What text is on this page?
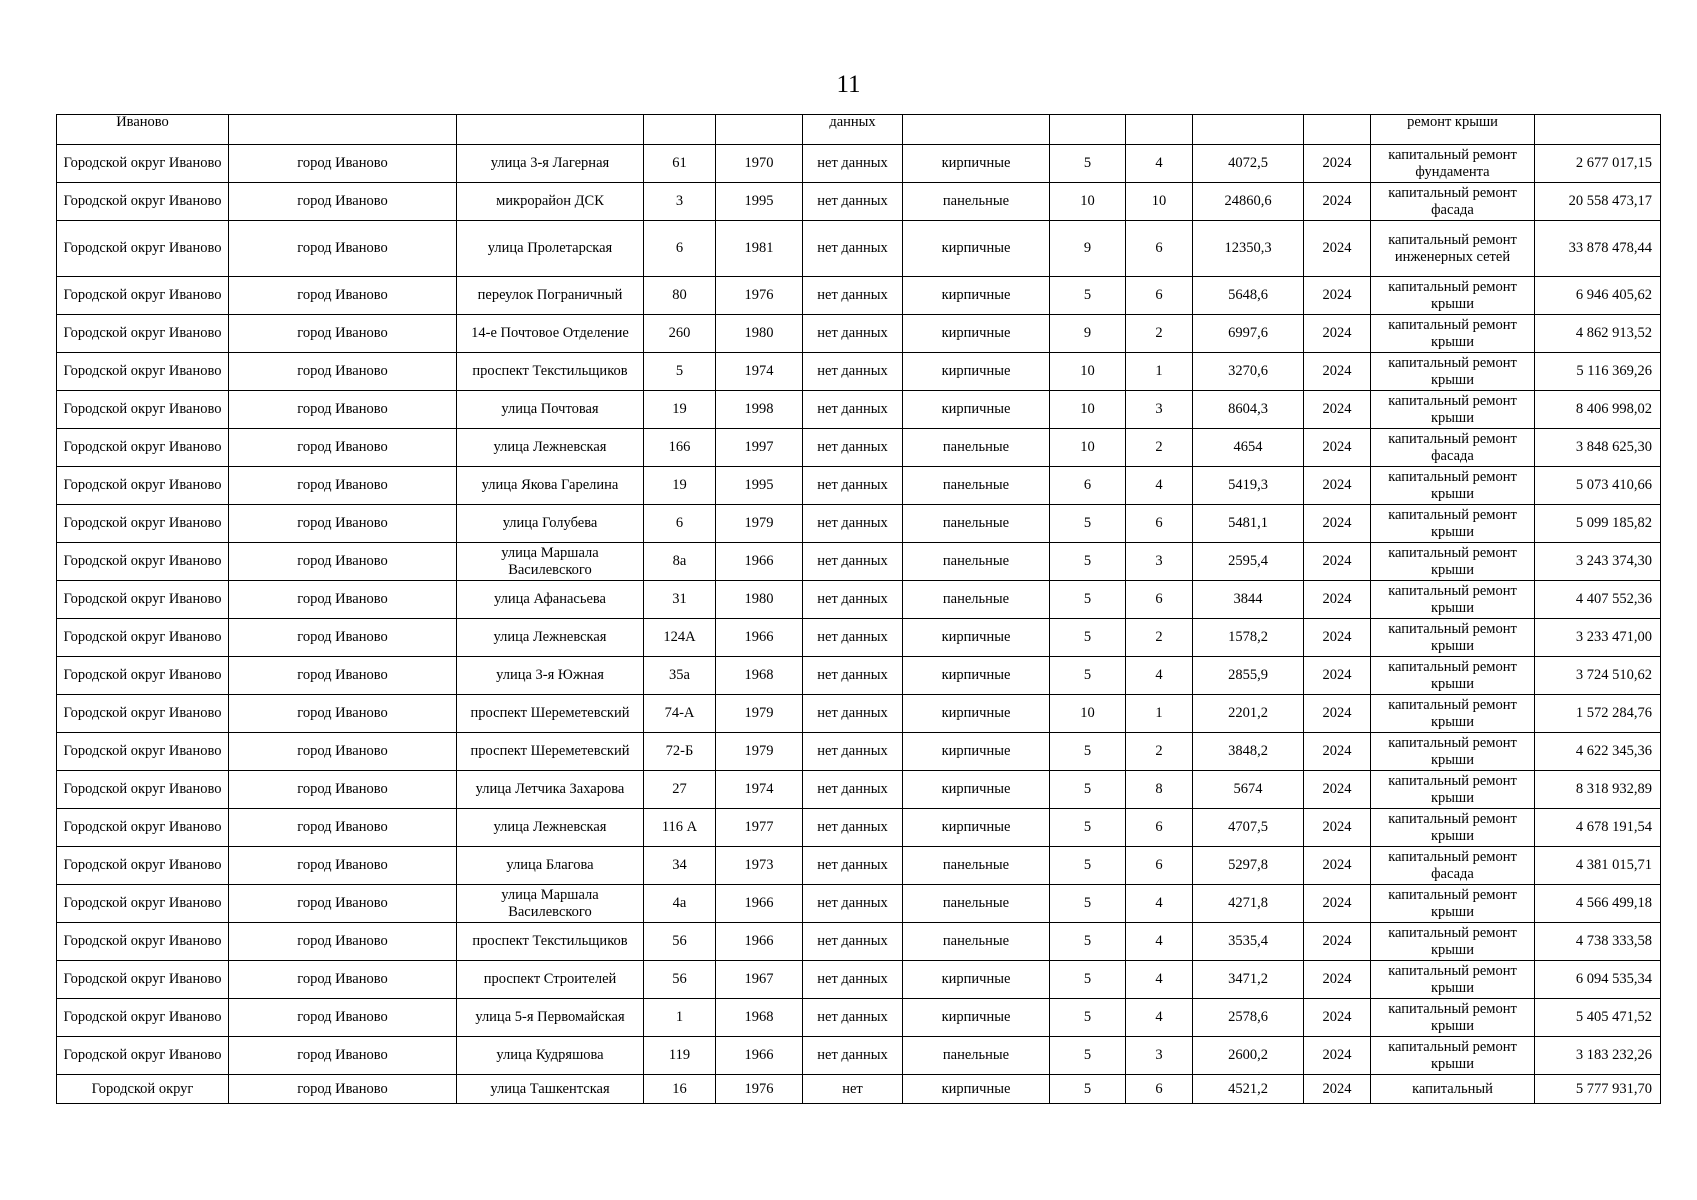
11
Иваново					данных						ремонт крыши	
Городской округ Иваново	город Иваново	улица 3-я Лагерная	61	1970	нет данных	кирпичные	5	4	4072,5	2024	капитальный ремонт фундамента	2 677 017,15
Городской округ Иваново	город Иваново	микрорайон ДСК	3	1995	нет данных	панельные	10	10	24860,6	2024	капитальный ремонт фасада	20 558 473,17
Городской округ Иваново	город Иваново	улица Пролетарская	6	1981	нет данных	кирпичные	9	6	12350,3	2024	капитальный ремонт инженерных сетей	33 878 478,44
Городской округ Иваново	город Иваново	переулок Пограничный	80	1976	нет данных	кирпичные	5	6	5648,6	2024	капитальный ремонт крыши	6 946 405,62
Городской округ Иваново	город Иваново	14-е Почтовое Отделение	260	1980	нет данных	кирпичные	9	2	6997,6	2024	капитальный ремонт крыши	4 862 913,52
Городской округ Иваново	город Иваново	проспект Текстильщиков	5	1974	нет данных	кирпичные	10	1	3270,6	2024	капитальный ремонт крыши	5 116 369,26
Городской округ Иваново	город Иваново	улица Почтовая	19	1998	нет данных	кирпичные	10	3	8604,3	2024	капитальный ремонт крыши	8 406 998,02
Городской округ Иваново	город Иваново	улица Лежневская	166	1997	нет данных	панельные	10	2	4654	2024	капитальный ремонт фасада	3 848 625,30
Городской округ Иваново	город Иваново	улица Якова Гарелина	19	1995	нет данных	панельные	6	4	5419,3	2024	капитальный ремонт крыши	5 073 410,66
Городской округ Иваново	город Иваново	улица Голубева	6	1979	нет данных	панельные	5	6	5481,1	2024	капитальный ремонт крыши	5 099 185,82
Городской округ Иваново	город Иваново	улица Маршала Василевского	8а	1966	нет данных	панельные	5	3	2595,4	2024	капитальный ремонт крыши	3 243 374,30
Городской округ Иваново	город Иваново	улица Афанасьева	31	1980	нет данных	панельные	5	6	3844	2024	капитальный ремонт крыши	4 407 552,36
Городской округ Иваново	город Иваново	улица Лежневская	124А	1966	нет данных	кирпичные	5	2	1578,2	2024	капитальный ремонт крыши	3 233 471,00
Городской округ Иваново	город Иваново	улица 3-я Южная	35а	1968	нет данных	кирпичные	5	4	2855,9	2024	капитальный ремонт крыши	3 724 510,62
Городской округ Иваново	город Иваново	проспект Шереметевский	74-А	1979	нет данных	кирпичные	10	1	2201,2	2024	капитальный ремонт крыши	1 572 284,76
Городской округ Иваново	город Иваново	проспект Шереметевский	72-Б	1979	нет данных	кирпичные	5	2	3848,2	2024	капитальный ремонт крыши	4 622 345,36
Городской округ Иваново	город Иваново	улица Летчика Захарова	27	1974	нет данных	кирпичные	5	8	5674	2024	капитальный ремонт крыши	8 318 932,89
Городской округ Иваново	город Иваново	улица Лежневская	116 А	1977	нет данных	кирпичные	5	6	4707,5	2024	капитальный ремонт крыши	4 678 191,54
Городской округ Иваново	город Иваново	улица Благова	34	1973	нет данных	панельные	5	6	5297,8	2024	капитальный ремонт фасада	4 381 015,71
Городской округ Иваново	город Иваново	улица Маршала Василевского	4а	1966	нет данных	панельные	5	4	4271,8	2024	капитальный ремонт крыши	4 566 499,18
Городской округ Иваново	город Иваново	проспект Текстильщиков	56	1966	нет данных	панельные	5	4	3535,4	2024	капитальный ремонт крыши	4 738 333,58
Городской округ Иваново	город Иваново	проспект Строителей	56	1967	нет данных	кирпичные	5	4	3471,2	2024	капитальный ремонт крыши	6 094 535,34
Городской округ Иваново	город Иваново	улица 5-я Первомайская	1	1968	нет данных	кирпичные	5	4	2578,6	2024	капитальный ремонт крыши	5 405 471,52
Городской округ Иваново	город Иваново	улица Кудряшова	119	1966	нет данных	панельные	5	3	2600,2	2024	капитальный ремонт крыши	3 183 232,26
Городской округ	город Иваново	улица Ташкентская	16	1976	нет	кирпичные	5	6	4521,2	2024	капитальный	5 777 931,70
